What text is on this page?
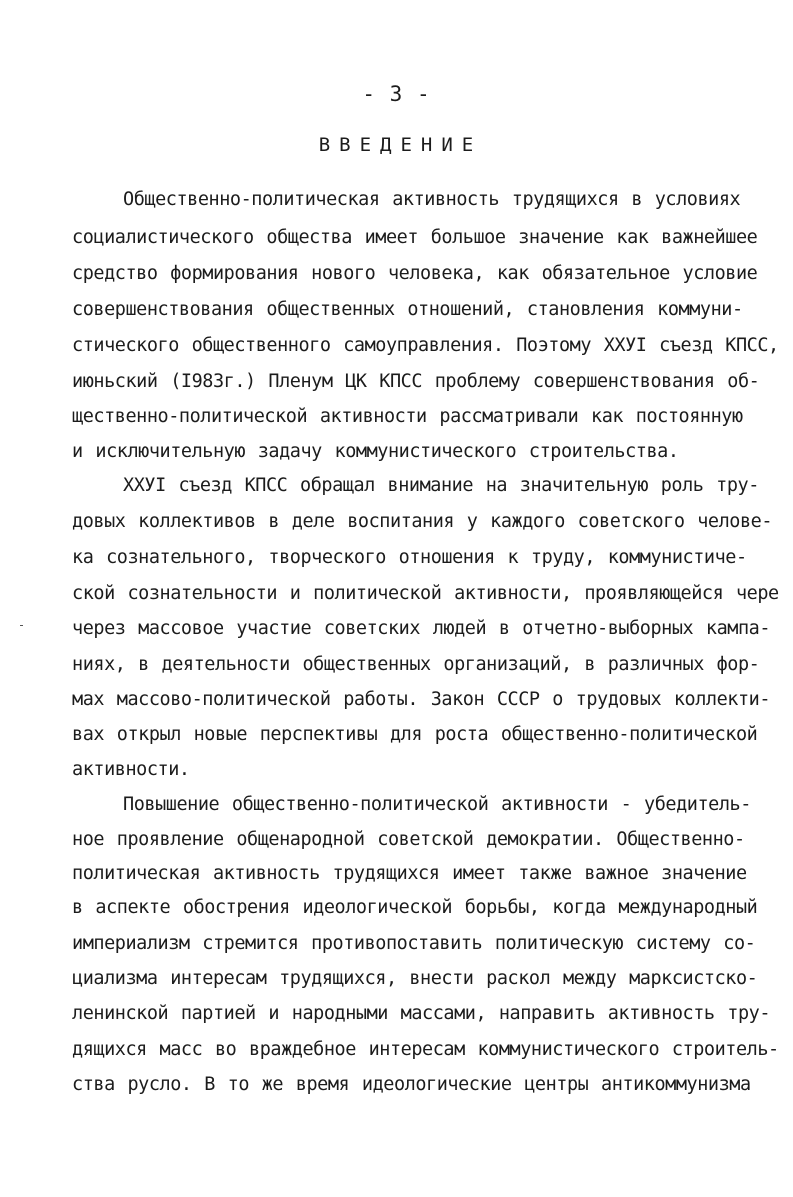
- 3 -
ВВЕДЕНИЕ
Общественно-политическая активность трудящихся в условиях
социалистического общества имеет большое значение как важнейшее
средство формирования нового человека, как обязательное условие
совершенствования общественных отношений, становления коммуни-
стического общественного самоуправления. Поэтому ХХУI съезд КПСС,
июньский (I983г.) Пленум ЦК КПСС проблему совершенствования об-
щественно-политической активности рассматривали как постоянную
и исключительную задачу коммунистического строительства.
ХХУI съезд КПСС обращал внимание на значительную роль тру-
довых коллективов в деле воспитания у каждого советского челове-
ка сознательного, творческого отношения к труду, коммунистиче-
ской сознательности и политической активности, проявляющейся чере
через массовое участие советских людей в отчетно-выборных кампа-
ниях, в деятельности общественных организаций, в различных фор-
мах массово-политической работы. Закон СССР о трудовых коллекти-
вах открыл новые перспективы для роста общественно-политической
активности.
Повышение общественно-политической активности - убедитель-
ное проявление общенародной советской демократии. Общественно-
политическая активность трудящихся имеет также важное значение
в аспекте обострения идеологической борьбы, когда международный
империализм стремится противопоставить политическую систему со-
циализма интересам трудящихся, внести раскол между марксистско-
ленинской партией и народными массами, направить активность тру-
дящихся масс во враждебное интересам коммунистического строитель-
ства русло. В то же время идеологические центры антикоммунизма
